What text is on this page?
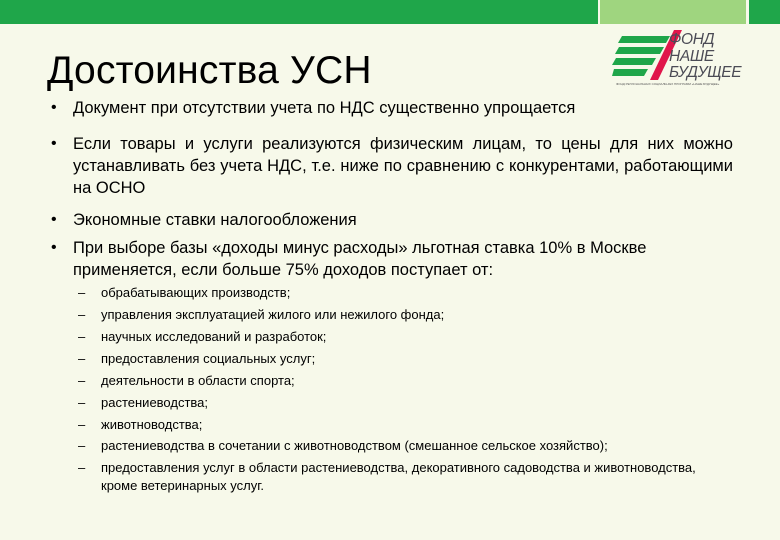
Достоинства УСН
ФОНД
НАШЕ
БУДУЩЕЕ
ФОНД РЕГИОНАЛЬНЫХ СОЦИАЛЬНЫХ ПРОГРАММ «НАШЕ БУДУЩЕЕ»
• Документ при отсутствии учета по НДС существенно упрощается
• Если товары и услуги реализуются физическим лицам, то цены для них можно устанавливать без учета НДС, т.е. ниже по сравнению с конкурентами, работающими на ОСНО
• Экономные ставки налогообложения
• При выборе базы «доходы минус расходы» льготная ставка 10% в Москве применяется, если больше 75% доходов поступает от:
– обрабатывающих производств;
– управления эксплуатацией жилого или нежилого фонда;
– научных исследований и разработок;
– предоставления социальных услуг;
– деятельности в области спорта;
– растениеводства;
– животноводства;
– растениеводства в сочетании с животноводством (смешанное сельское хозяйство);
– предоставления услуг в области растениеводства, декоративного садоводства и животноводства, кроме ветеринарных услуг.
